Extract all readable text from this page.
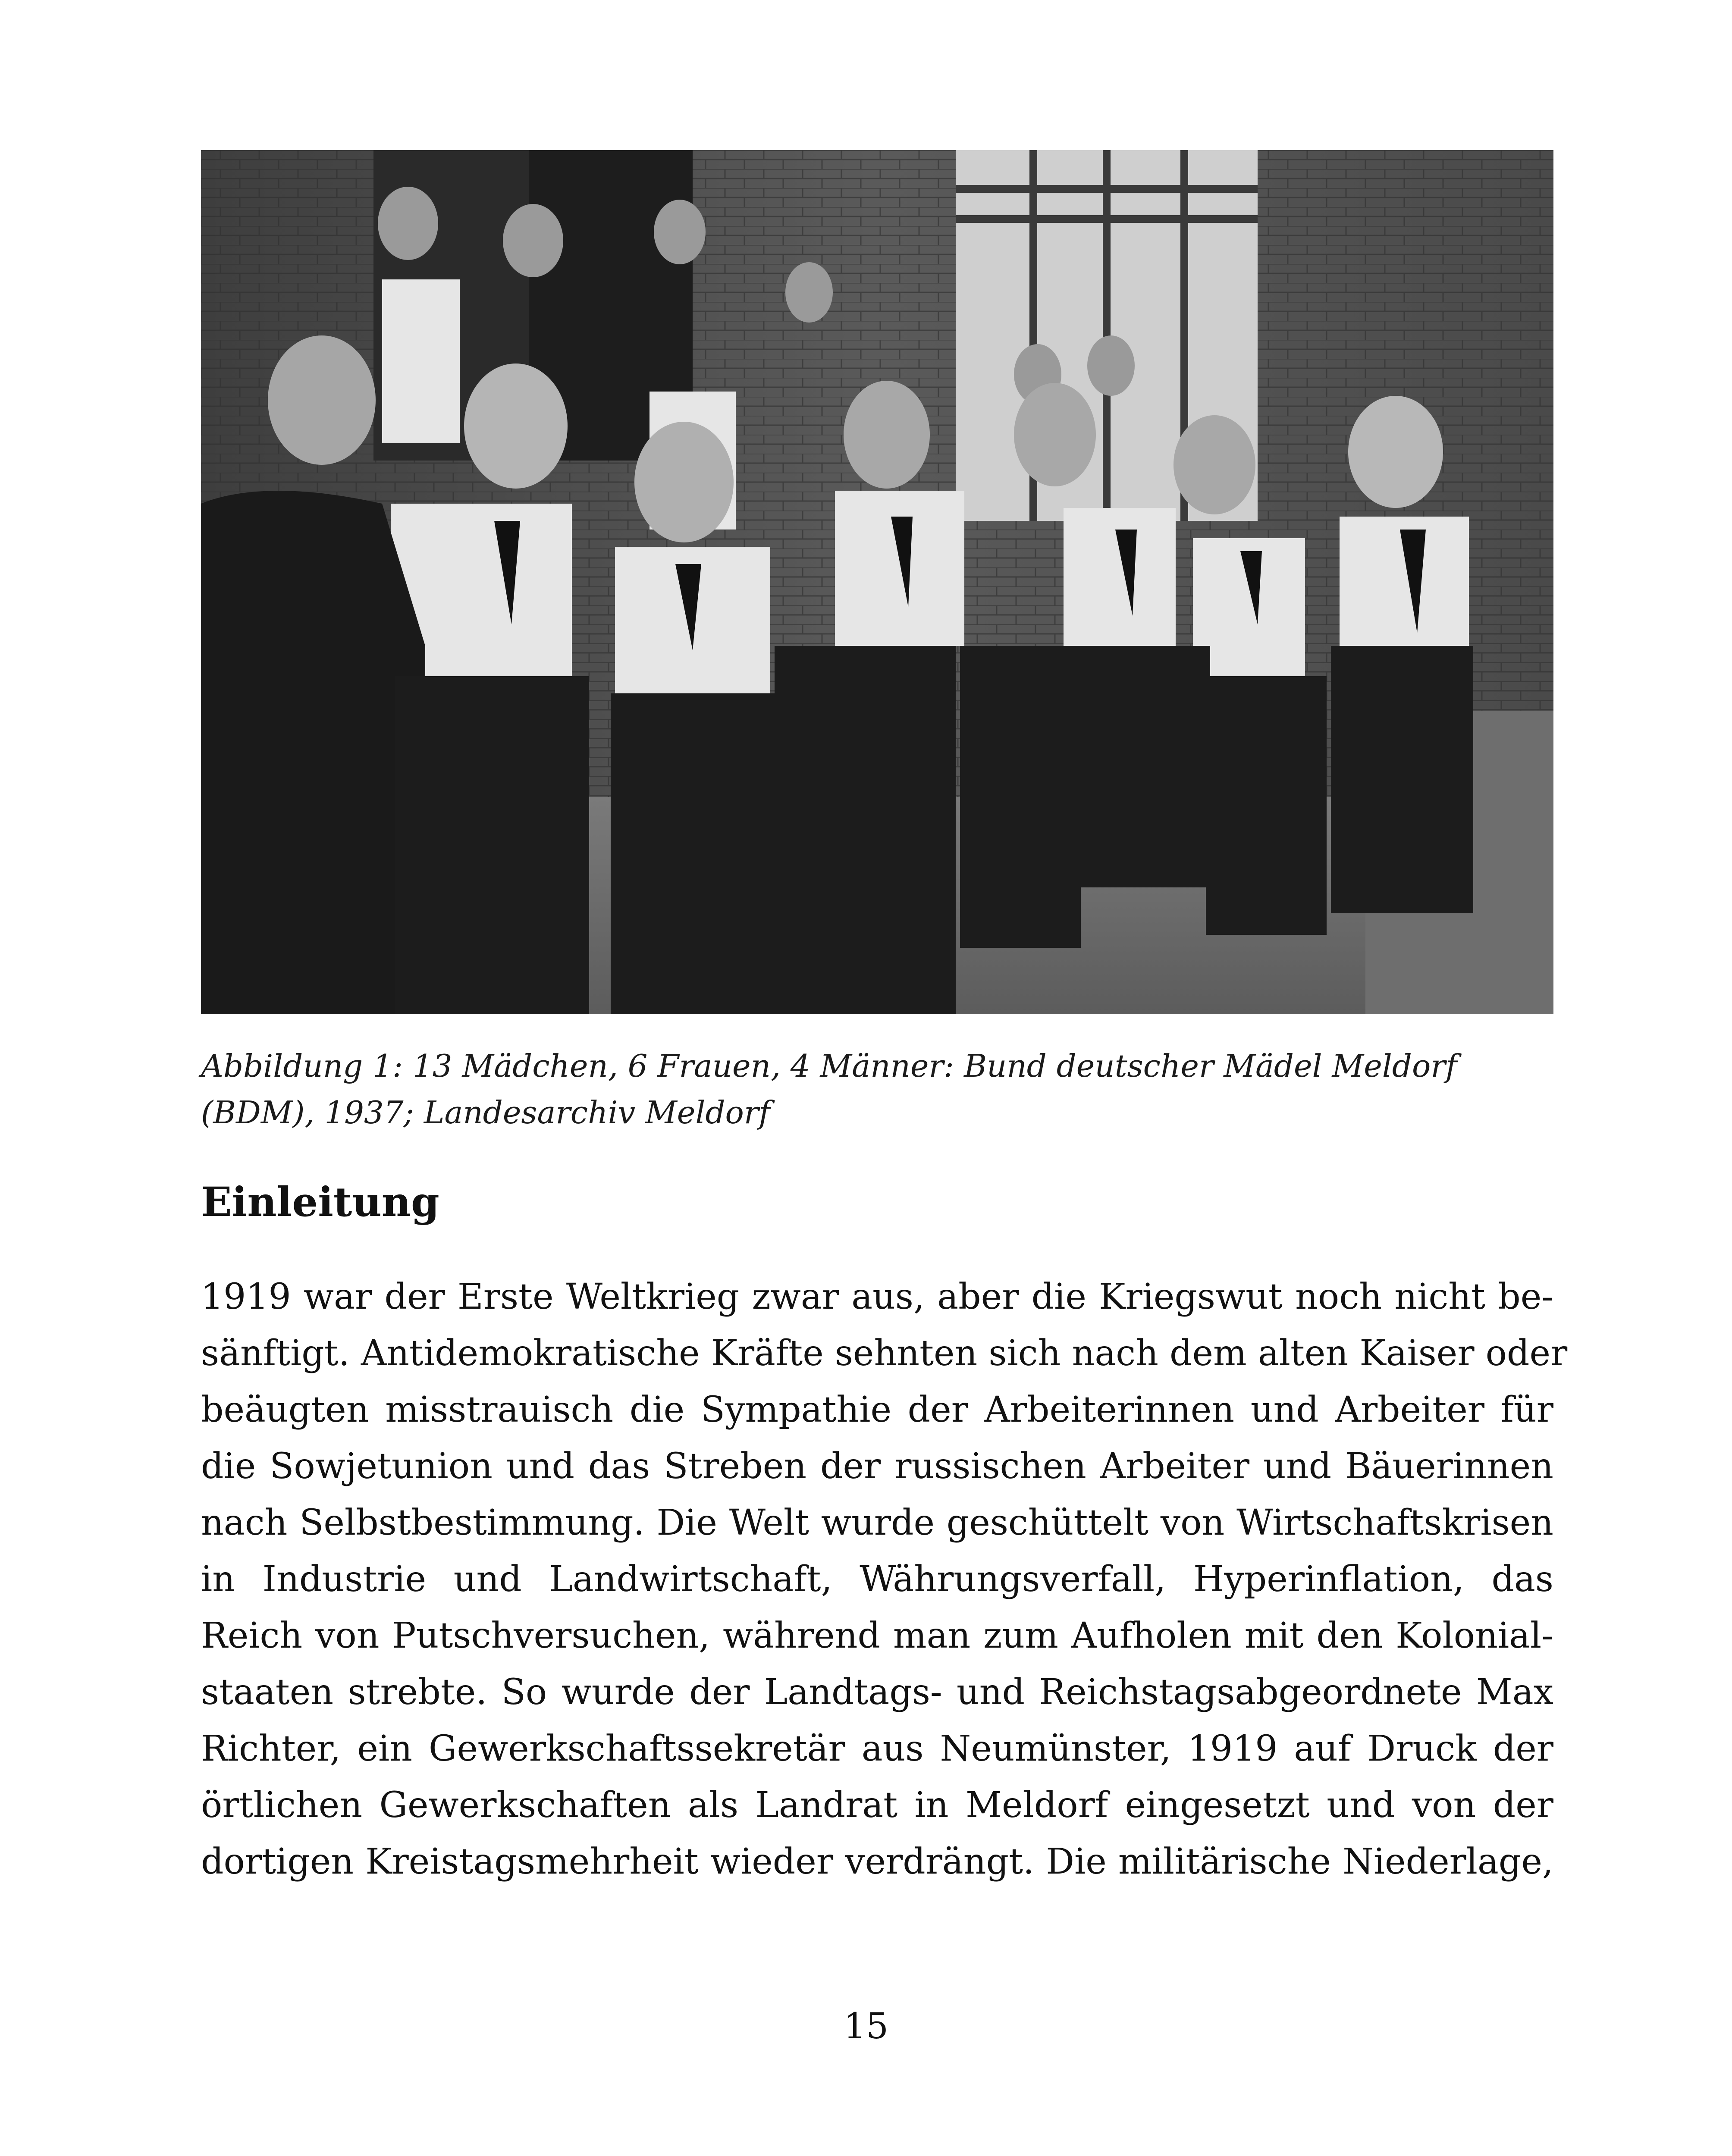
Abbildung 1: 13 Mädchen, 6 Frauen, 4 Männer: Bund deutscher Mädel Meldorf
(BDM), 1937; Landesarchiv Meldorf

Einleitung
1919 war der Erste Weltkrieg zwar aus, aber die Kriegswut noch nicht be-
sänftigt. Antidemokratische Kräfte sehnten sich nach dem alten Kaiser oder
beäugten misstrauisch die Sympathie der Arbeiterinnen und Arbeiter für
die Sowjetunion und das Streben der russischen Arbeiter und Bäuerinnen
nach Selbstbestimmung. Die Welt wurde geschüttelt von Wirtschaftskrisen
in Industrie und Landwirtschaft, Währungsverfall, Hyperinflation, das
Reich von Putschversuchen, während man zum Aufholen mit den Kolonial-
staaten strebte. So wurde der Landtags- und Reichstagsabgeordnete Max
Richter, ein Gewerkschaftssekretär aus Neumünster, 1919 auf Druck der
örtlichen Gewerkschaften als Landrat in Meldorf eingesetzt und von der
dortigen Kreistagsmehrheit wieder verdrängt. Die militärische Niederlage,

15
